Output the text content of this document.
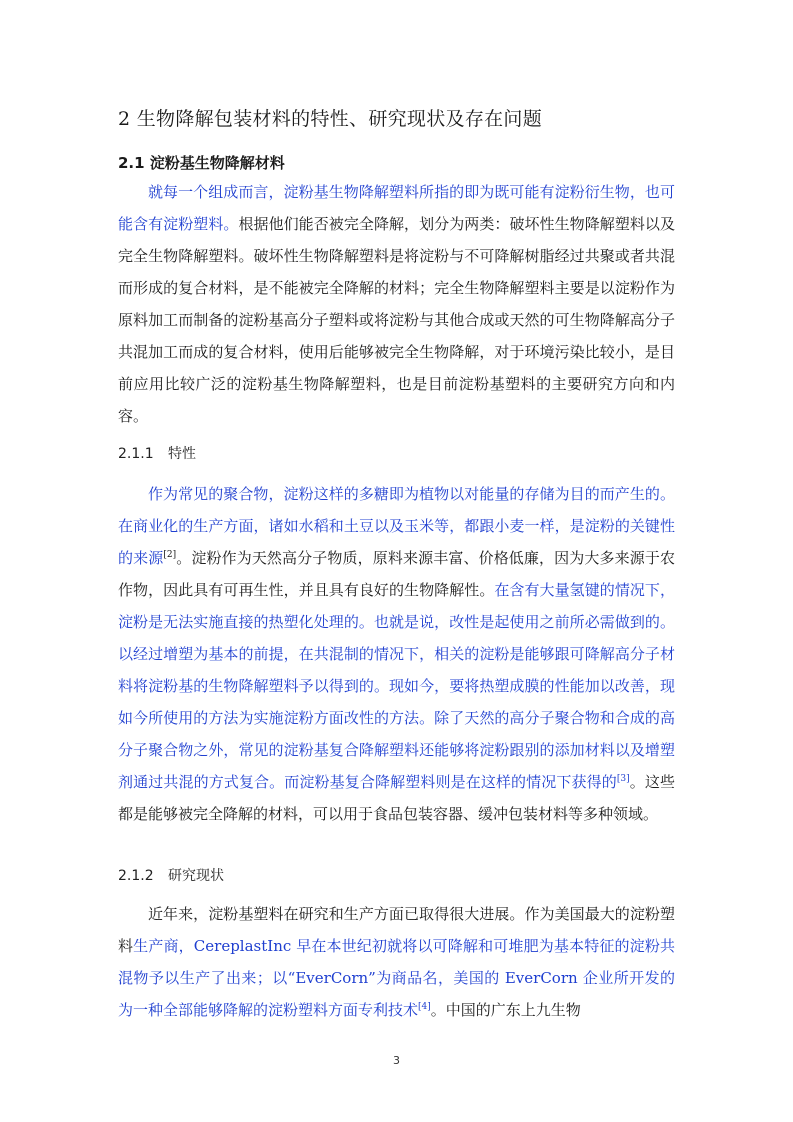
2 生物降解包装材料的特性、研究现状及存在问题
2.1 淀粉基生物降解材料

就每一个组成而言，淀粉基生物降解塑料所指的即为既可能有淀粉衍生物，也可能含有淀粉塑料。根据他们能否被完全降解，划分为两类：破坏性生物降解塑料以及完全生物降解塑料。破坏性生物降解塑料是将淀粉与不可降解树脂经过共聚或者共混而形成的复合材料，是不能被完全降解的材料；完全生物降解塑料主要是以淀粉作为原料加工而制备的淀粉基高分子塑料或将淀粉与其他合成或天然的可生物降解高分子共混加工而成的复合材料，使用后能够被完全生物降解，对于环境污染比较小，是目前应用比较广泛的淀粉基生物降解塑料，也是目前淀粉基塑料的主要研究方向和内容。

2.1.1 特性

作为常见的聚合物，淀粉这样的多糖即为植物以对能量的存储为目的而产生的。在商业化的生产方面，诸如水稻和土豆以及玉米等，都跟小麦一样，是淀粉的关键性的来源[2]。淀粉作为天然高分子物质，原料来源丰富、价格低廉，因为大多来源于农作物，因此具有可再生性，并且具有良好的生物降解性。在含有大量氢键的情况下，淀粉是无法实施直接的热塑化处理的。也就是说，改性是起使用之前所必需做到的。以经过增塑为基本的前提，在共混制的情况下，相关的淀粉是能够跟可降解高分子材料将淀粉基的生物降解塑料予以得到的。现如今，要将热塑成膜的性能加以改善，现如今所使用的方法为实施淀粉方面改性的方法。除了天然的高分子聚合物和合成的高分子聚合物之外，常见的淀粉基复合降解塑料还能够将淀粉跟别的添加材料以及增塑剂通过共混的方式复合。而淀粉基复合降解塑料则是在这样的情况下获得的[3]。这些都是能够被完全降解的材料，可以用于食品包装容器、缓冲包装材料等多种领域。

2.1.2 研究现状

近年来，淀粉基塑料在研究和生产方面已取得很大进展。作为美国最大的淀粉塑料生产商，CereplastInc 早在本世纪初就将以可降解和可堆肥为基本特征的淀粉共混物予以生产了出来；以“EverCorn”为商品名，美国的 EverCorn 企业所开发的为一种全部能够降解的淀粉塑料方面专利技术[4]。中国的广东上九生物

3
